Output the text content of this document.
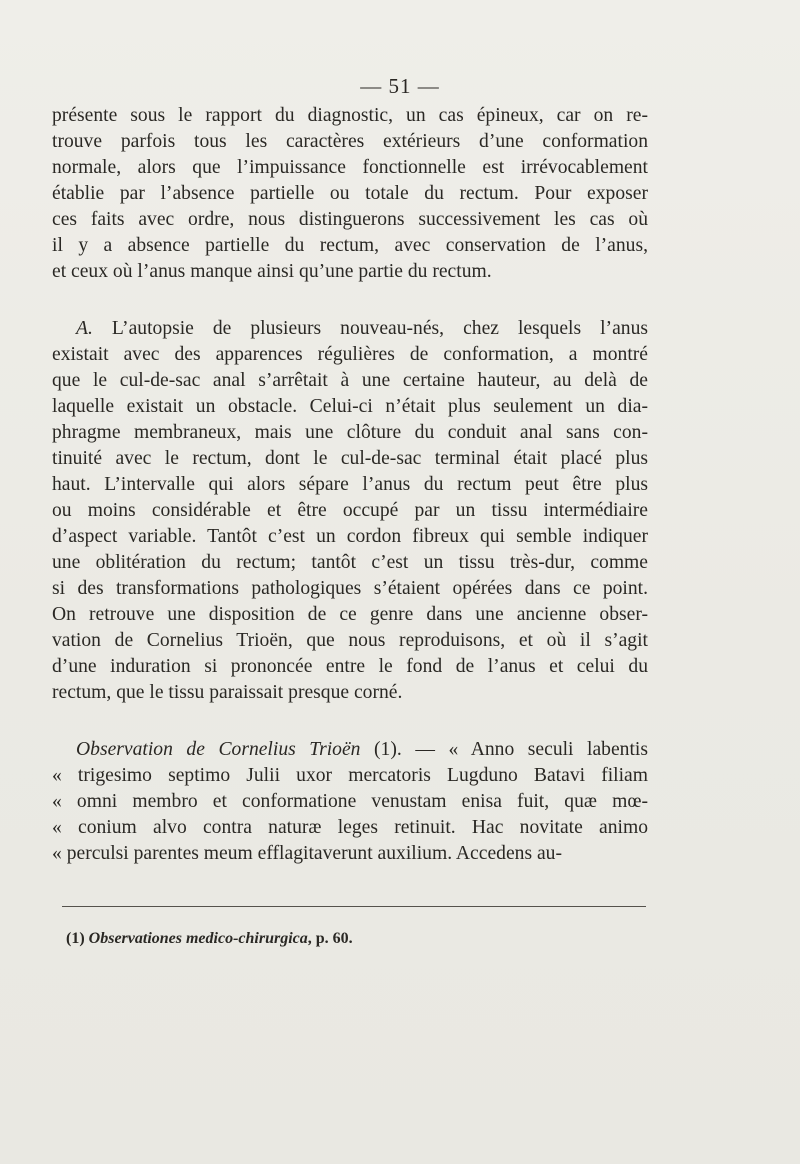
— 51 —
présente sous le rapport du diagnostic, un cas épineux, car on re-
trouve parfois tous les caractères extérieurs d’une conformation
normale, alors que l’impuissance fonctionnelle est irrévocablement
établie par l’absence partielle ou totale du rectum. Pour exposer
ces faits avec ordre, nous distinguerons successivement les cas où
il y a absence partielle du rectum, avec conservation de l’anus,
et ceux où l’anus manque ainsi qu’une partie du rectum.
A. L’autopsie de plusieurs nouveau-nés, chez lesquels l’anus
existait avec des apparences régulières de conformation, a montré
que le cul-de-sac anal s’arrêtait à une certaine hauteur, au delà de
laquelle existait un obstacle. Celui-ci n’était plus seulement un dia-
phragme membraneux, mais une clôture du conduit anal sans con-
tinuité avec le rectum, dont le cul-de-sac terminal était placé plus
haut. L’intervalle qui alors sépare l’anus du rectum peut être plus
ou moins considérable et être occupé par un tissu intermédiaire
d’aspect variable. Tantôt c’est un cordon fibreux qui semble indiquer
une oblitération du rectum; tantôt c’est un tissu très-dur, comme
si des transformations pathologiques s’étaient opérées dans ce point.
On retrouve une disposition de ce genre dans une ancienne obser-
vation de Cornelius Trioën, que nous reproduisons, et où il s’agit
d’une induration si prononcée entre le fond de l’anus et celui du
rectum, que le tissu paraissait presque corné.
Observation de Cornelius Trioën (1). — « Anno seculi labentis
« trigesimo septimo Julii uxor mercatoris Lugduno Batavi filiam
« omni membro et conformatione venustam enisa fuit, quæ mœ-
« conium alvo contra naturæ leges retinuit. Hac novitate animo
« perculsi parentes meum efflagitaverunt auxilium. Accedens au-
(1) Observationes medico-chirurgica, p. 60.
